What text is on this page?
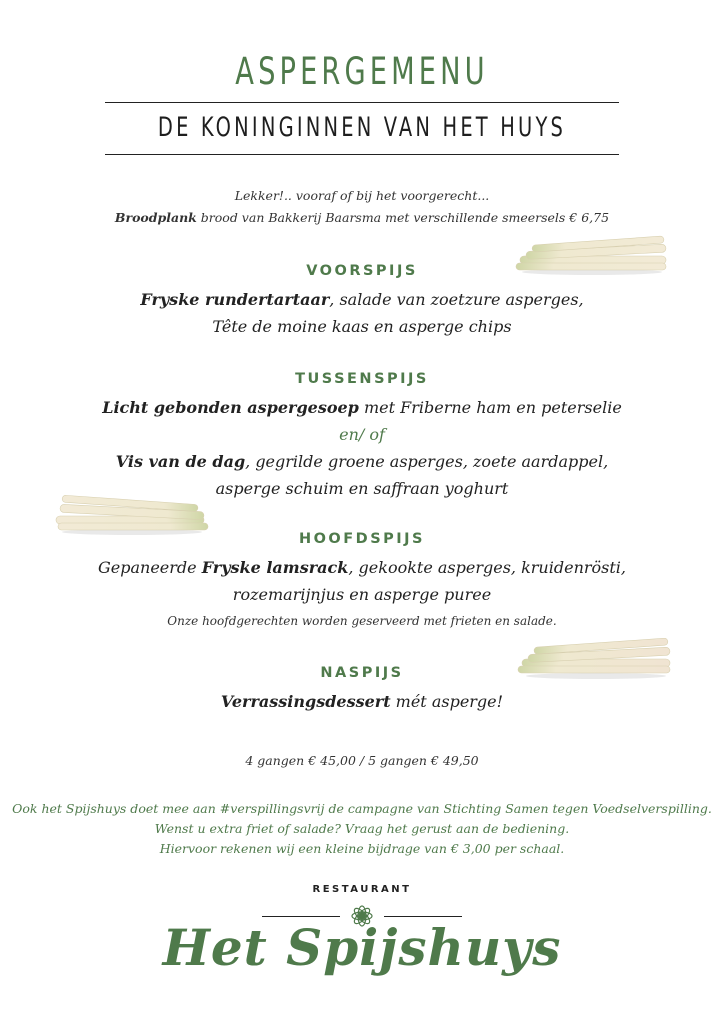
ASPERGEMENU
DE KONINGINNEN VAN HET HUYS
Lekker!.. vooraf of bij het voorgerecht...
Broodplank brood van Bakkerij Baarsma met verschillende smeersels € 6,75
VOORSPIJS
Fryske rundertartaar, salade van zoetzure asperges,
Tête de moine kaas en asperge chips
TUSSENSPIJS
Licht gebonden aspergesoep met Friberne ham en peterselie
en/ of
Vis van de dag, gegrilde groene asperges, zoete aardappel,
asperge schuim en saffraan yoghurt
HOOFDSPIJS
Gepaneerde Fryske lamsrack, gekookte asperges, kruidenrösti,
rozemarijnjus en asperge puree
Onze hoofdgerechten worden geserveerd met frieten en salade.
NASPIJS
Verrassingsdessert mét asperge!
4 gangen € 45,00 / 5 gangen € 49,50
Ook het Spijshuys doet mee aan #verspillingsvrij de campagne van Stichting Samen tegen Voedselverspilling.
Wenst u extra friet of salade? Vraag het gerust aan de bediening.
Hiervoor rekenen wij een kleine bijdrage van € 3,00 per schaal.
RESTAURANT
Het Spijshuys
